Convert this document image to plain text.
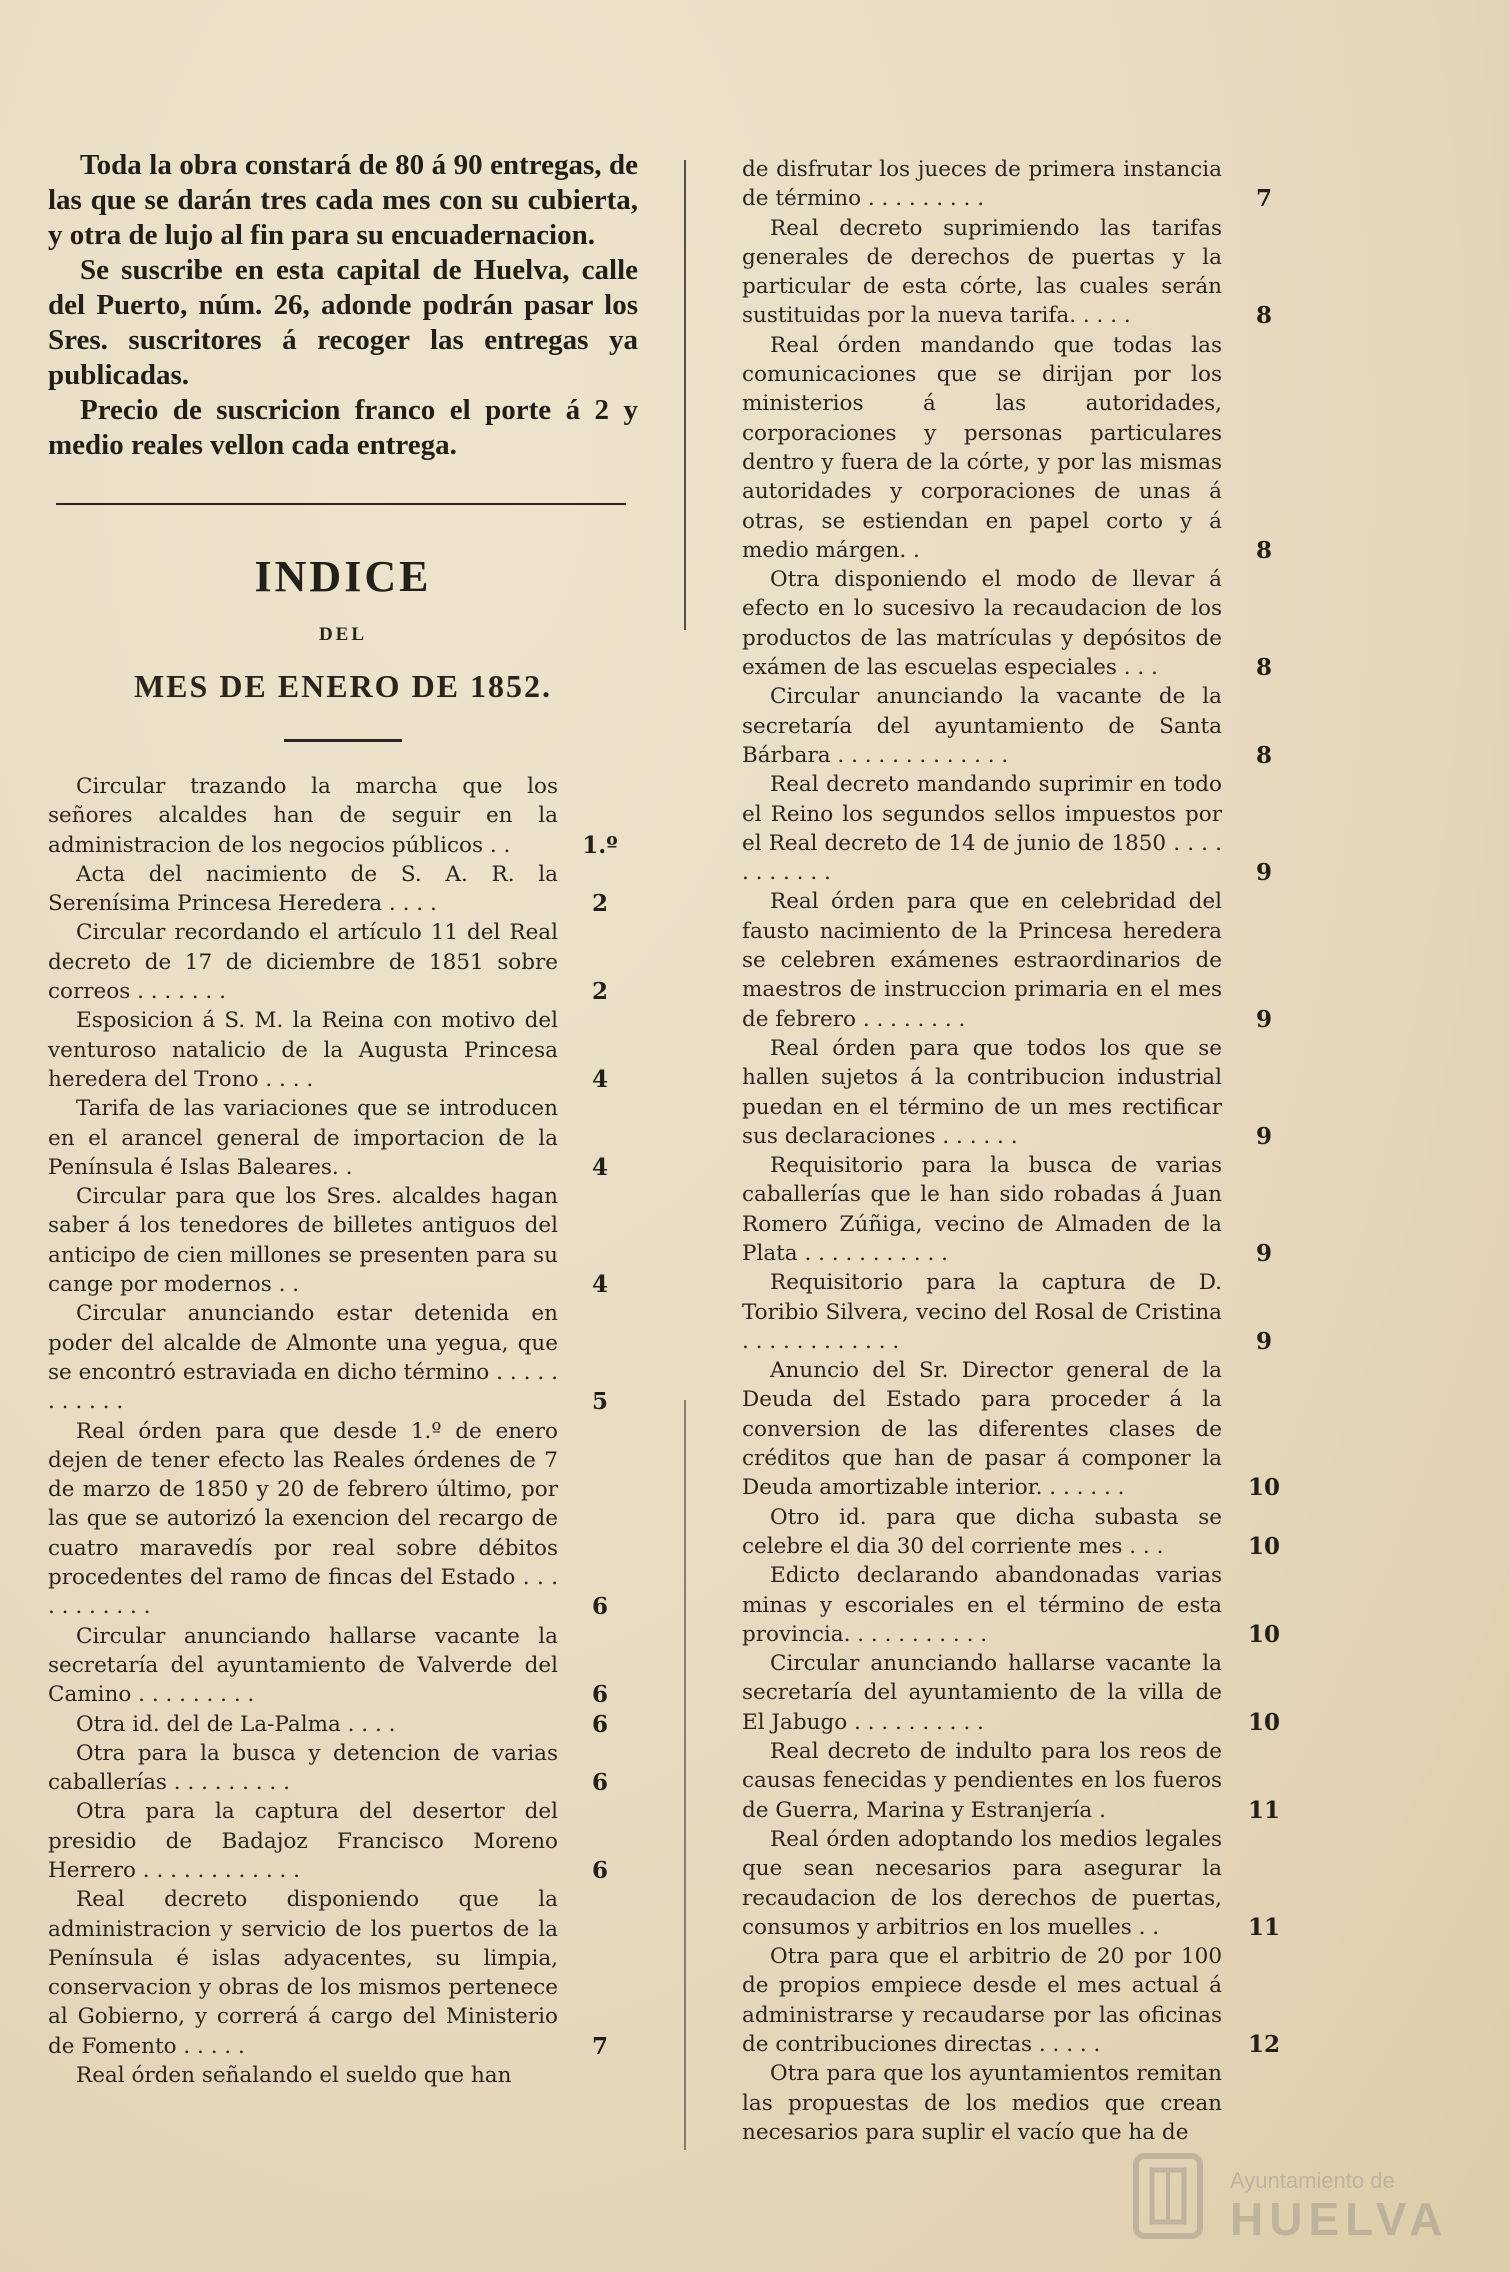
Toda la obra constará de 80 á 90 entregas, de las que se darán tres cada mes con su cubierta, y otra de lujo al fin para su encuadernacion.

Se suscribe en esta capital de Huelva, calle del Puerto, núm. 26, adonde podrán pasar los Sres. suscritores á recoger las entregas ya publicadas.

Precio de suscricion franco el porte á 2 y medio reales vellon cada entrega.

INDICE
DEL
MES DE ENERO DE 1852.
Circular trazando la marcha que los señores alcaldes han de seguir en la administracion de los negocios públicos . .	1.º
Acta del nacimiento de S. A. R. la Serenísima Princesa Heredera . . . .	2
Circular recordando el artículo 11 del Real decreto de 17 de diciembre de 1851 sobre correos . . . . . . .	2
Esposicion á S. M. la Reina con motivo del venturoso natalicio de la Augusta Princesa heredera del Trono . . . .	4
Tarifa de las variaciones que se introducen en el arancel general de importacion de la Península é Islas Baleares. .	4
Circular para que los Sres. alcaldes hagan saber á los tenedores de billetes antiguos del anticipo de cien millones se presenten para su cange por modernos . .	4
Circular anunciando estar detenida en poder del alcalde de Almonte una yegua, que se encontró estraviada en dicho término . . . . . . . . . . .	5
Real órden para que desde 1.º de enero dejen de tener efecto las Reales órdenes de 7 de marzo de 1850 y 20 de febrero último, por las que se autorizó la exencion del recargo de cuatro maravedís por real sobre débitos procedentes del ramo de fincas del Estado . . . . . . . . . . .	6
Circular anunciando hallarse vacante la secretaría del ayuntamiento de Valverde del Camino . . . . . . . . .	6
Otra id. del de La-Palma . . . .	6
Otra para la busca y detencion de varias caballerías . . . . . . . . .	6
Otra para la captura del desertor del presidio de Badajoz Francisco Moreno Herrero . . . . . . . . . . . .	6
Real decreto disponiendo que la administracion y servicio de los puertos de la Península é islas adyacentes, su limpia, conservacion y obras de los mismos pertenece al Gobierno, y correrá á cargo del Ministerio de Fomento . . . . .	7
Real órden señalando el sueldo que han
de disfrutar los jueces de primera instancia de término . . . . . . . . .	7
Real decreto suprimiendo las tarifas generales de derechos de puertas y la particular de esta córte, las cuales serán sustituidas por la nueva tarifa. . . . .	8
Real órden mandando que todas las comunicaciones que se dirijan por los ministerios á las autoridades, corporaciones y personas particulares dentro y fuera de la córte, y por las mismas autoridades y corporaciones de unas á otras, se estiendan en papel corto y á medio márgen. .	8
Otra disponiendo el modo de llevar á efecto en lo sucesivo la recaudacion de los productos de las matrículas y depósitos de exámen de las escuelas especiales . . .	8
Circular anunciando la vacante de la secretaría del ayuntamiento de Santa Bárbara . . . . . . . . . . . . .	8
Real decreto mandando suprimir en todo el Reino los segundos sellos impuestos por el Real decreto de 14 de junio de 1850 . . . . . . . . . . .	9
Real órden para que en celebridad del fausto nacimiento de la Princesa heredera se celebren exámenes estraordinarios de maestros de instruccion primaria en el mes de febrero . . . . . . . .	9
Real órden para que todos los que se hallen sujetos á la contribucion industrial puedan en el término de un mes rectificar sus declaraciones . . . . . .	9
Requisitorio para la busca de varias caballerías que le han sido robadas á Juan Romero Zúñiga, vecino de Almaden de la Plata . . . . . . . . . . .	9
Requisitorio para la captura de D. Toribio Silvera, vecino del Rosal de Cristina . . . . . . . . . . . .	9
Anuncio del Sr. Director general de la Deuda del Estado para proceder á la conversion de las diferentes clases de créditos que han de pasar á componer la Deuda amortizable interior. . . . . . .	10
Otro id. para que dicha subasta se celebre el dia 30 del corriente mes . . .	10
Edicto declarando abandonadas varias minas y escoriales en el término de esta provincia. . . . . . . . . . .	10
Circular anunciando hallarse vacante la secretaría del ayuntamiento de la villa de El Jabugo . . . . . . . . . .	10
Real decreto de indulto para los reos de causas fenecidas y pendientes en los fueros de Guerra, Marina y Estranjería .	11
Real órden adoptando los medios legales que sean necesarios para asegurar la recaudacion de los derechos de puertas, consumos y arbitrios en los muelles . .	11
Otra para que el arbitrio de 20 por 100 de propios empiece desde el mes actual á administrarse y recaudarse por las oficinas de contribuciones directas . . . . .	12
Otra para que los ayuntamientos remitan las propuestas de los medios que crean necesarios para suplir el vacío que ha de
Ayuntamiento de
HUELVA
